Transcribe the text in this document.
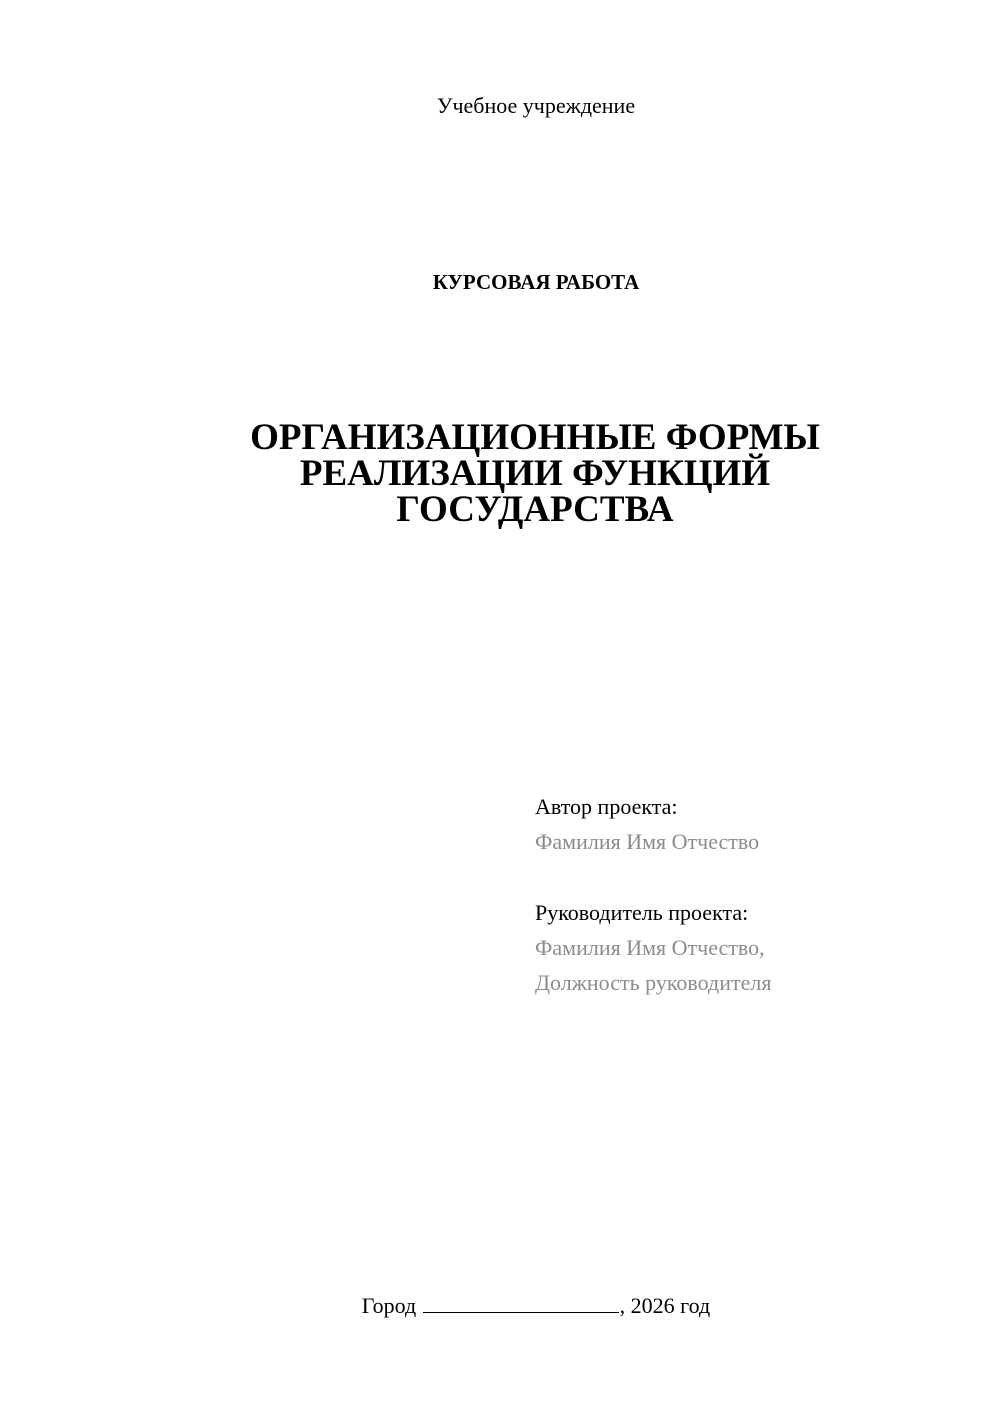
Учебное учреждение
КУРСОВАЯ РАБОТА
ОРГАНИЗАЦИОННЫЕ ФОРМЫ
РЕАЛИЗАЦИИ ФУНКЦИЙ
ГОСУДАРСТВА
Автор проекта:
Фамилия Имя Отчество
Руководитель проекта:
Фамилия Имя Отчество,
Должность руководителя
Город	, 2026 год
